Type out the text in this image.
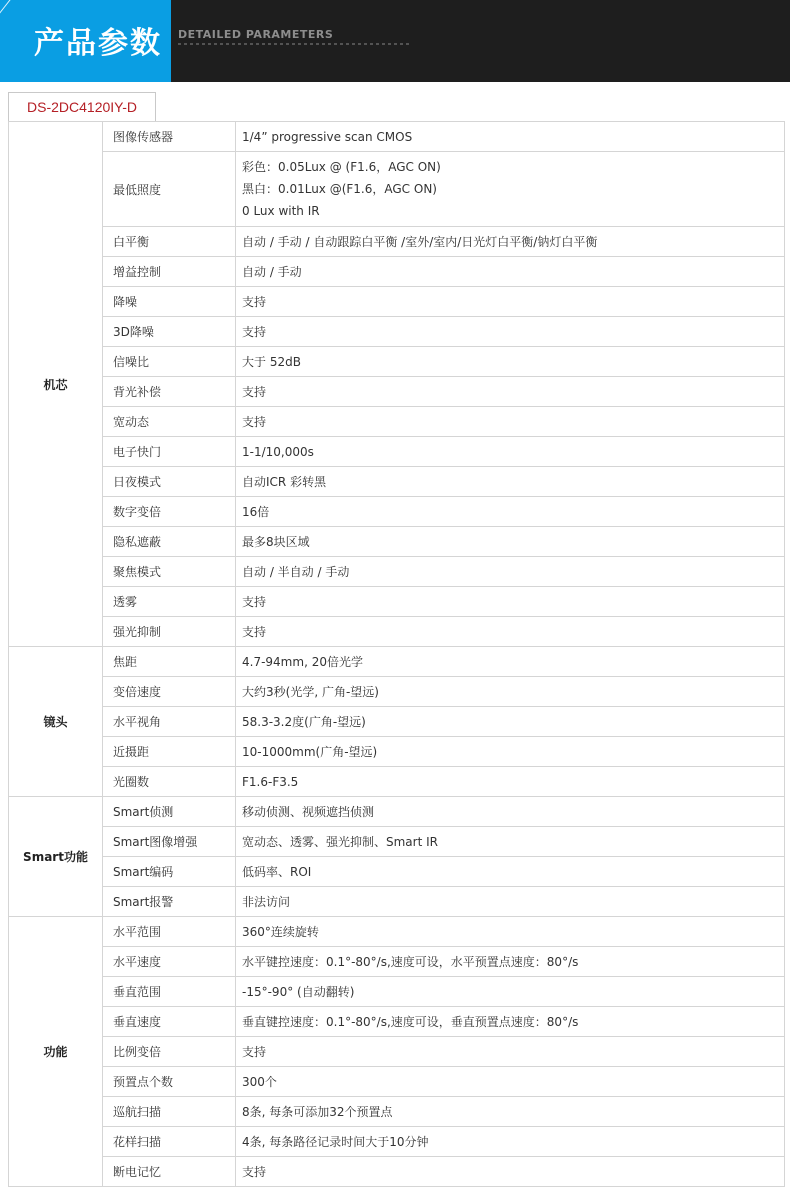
产品参数 DETAILED PARAMETERS
DS-2DC4120IY-D
机芯	图像传感器	1/4” progressive scan CMOS

	最低照度	彩色：0.05Lux @ (F1.6，AGC ON)
黑白：0.01Lux @(F1.6，AGC ON)
0 Lux with IR

	白平衡	自动 / 手动 / 自动跟踪白平衡 /室外/室内/日光灯白平衡/钠灯白平衡

	增益控制	自动 / 手动

	降噪	支持

	3D降噪	支持

	信噪比	大于 52dB

	背光补偿	支持

	宽动态	支持

	电子快门	1-1/10,000s

	日夜模式	自动ICR 彩转黑

	数字变倍	16倍

	隐私遮蔽	最多8块区域

	聚焦模式	自动 / 半自动 / 手动

	透雾	支持

	强光抑制	支持

镜头	焦距	4.7-94mm, 20倍光学

	变倍速度	大约3秒(光学, 广角-望远)

	水平视角	58.3-3.2度(广角-望远)

	近摄距	10-1000mm(广角-望远)

	光圈数	F1.6-F3.5

Smart功能	Smart侦测	移动侦测、视频遮挡侦测

	Smart图像增强	宽动态、透雾、强光抑制、Smart IR

	Smart编码	低码率、ROI

	Smart报警	非法访问

功能	水平范围	360°连续旋转

	水平速度	水平键控速度：0.1°-80°/s,速度可设，水平预置点速度：80°/s

	垂直范围	-15°-90° (自动翻转)

	垂直速度	垂直键控速度：0.1°-80°/s,速度可设，垂直预置点速度：80°/s

	比例变倍	支持

	预置点个数	300个

	巡航扫描	8条, 每条可添加32个预置点

	花样扫描	4条, 每条路径记录时间大于10分钟

	断电记忆	支持
